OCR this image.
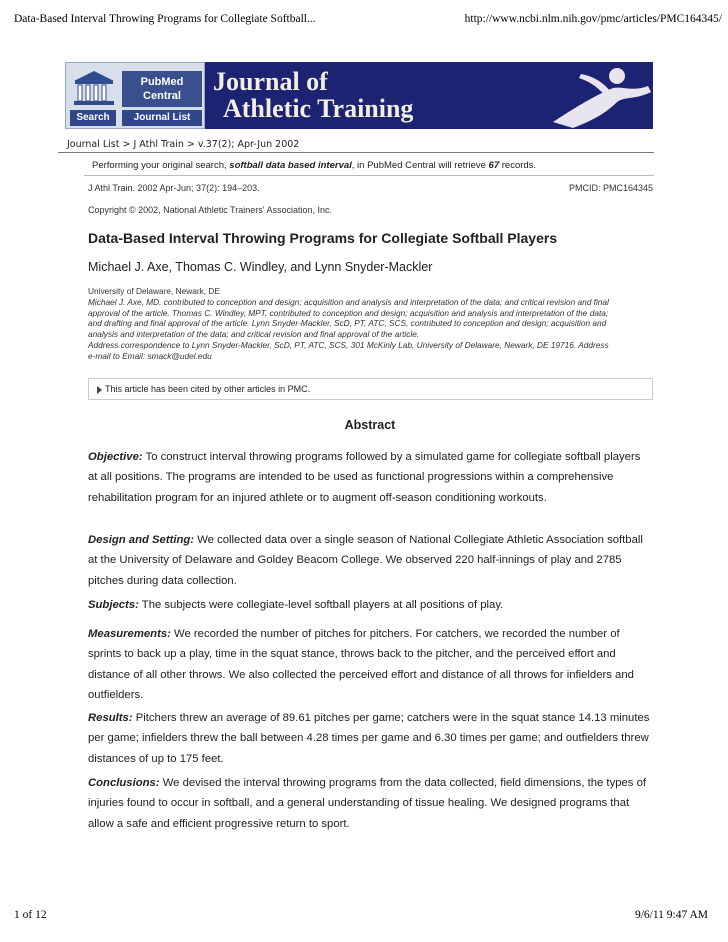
Data-Based Interval Throwing Programs for Collegiate Softball...	http://www.ncbi.nlm.nih.gov/pmc/articles/PMC164345/
PubMed
Central
Search	Journal List
Journal of
Athletic Training
Journal List > J Athl Train > v.37(2); Apr-Jun 2002
Performing your original search, softball data based interval, in PubMed Central will retrieve 67 records.
J Athl Train. 2002 Apr-Jun; 37(2): 194–203.	PMCID: PMC164345
Copyright © 2002, National Athletic Trainers' Association, Inc.
Data-Based Interval Throwing Programs for Collegiate Softball Players
Michael J. Axe, Thomas C. Windley, and Lynn Snyder-Mackler
University of Delaware, Newark, DE
Michael J. Axe, MD, contributed to conception and design; acquisition and analysis and interpretation of the data; and critical revision and final
approval of the article. Thomas C. Windley, MPT, contributed to conception and design; acquisition and analysis and interpretation of the data;
and drafting and final approval of the article. Lynn Snyder-Mackler, ScD, PT, ATC, SCS, contributed to conception and design; acquisition and
analysis and interpretation of the data; and critical revision and final approval of the article.
Address correspondence to Lynn Snyder-Mackler, ScD, PT, ATC, SCS, 301 McKinly Lab, University of Delaware, Newark, DE 19716. Address
e-mail to Email: smack@udel.edu
This article has been cited by other articles in PMC.
Abstract
Objective: To construct interval throwing programs followed by a simulated game for collegiate softball players at all positions. The programs are intended to be used as functional progressions within a comprehensive rehabilitation program for an injured athlete or to augment off-season conditioning workouts.
Design and Setting: We collected data over a single season of National Collegiate Athletic Association softball at the University of Delaware and Goldey Beacom College. We observed 220 half-innings of play and 2785 pitches during data collection.
Subjects: The subjects were collegiate-level softball players at all positions of play.
Measurements: We recorded the number of pitches for pitchers. For catchers, we recorded the number of sprints to back up a play, time in the squat stance, throws back to the pitcher, and the perceived effort and distance of all other throws. We also collected the perceived effort and distance of all throws for infielders and outfielders.
Results: Pitchers threw an average of 89.61 pitches per game; catchers were in the squat stance 14.13 minutes per game; infielders threw the ball between 4.28 times per game and 6.30 times per game; and outfielders threw distances of up to 175 feet.
Conclusions: We devised the interval throwing programs from the data collected, field dimensions, the types of injuries found to occur in softball, and a general understanding of tissue healing. We designed programs that allow a safe and efficient progressive return to sport.
1 of 12	9/6/11 9:47 AM
